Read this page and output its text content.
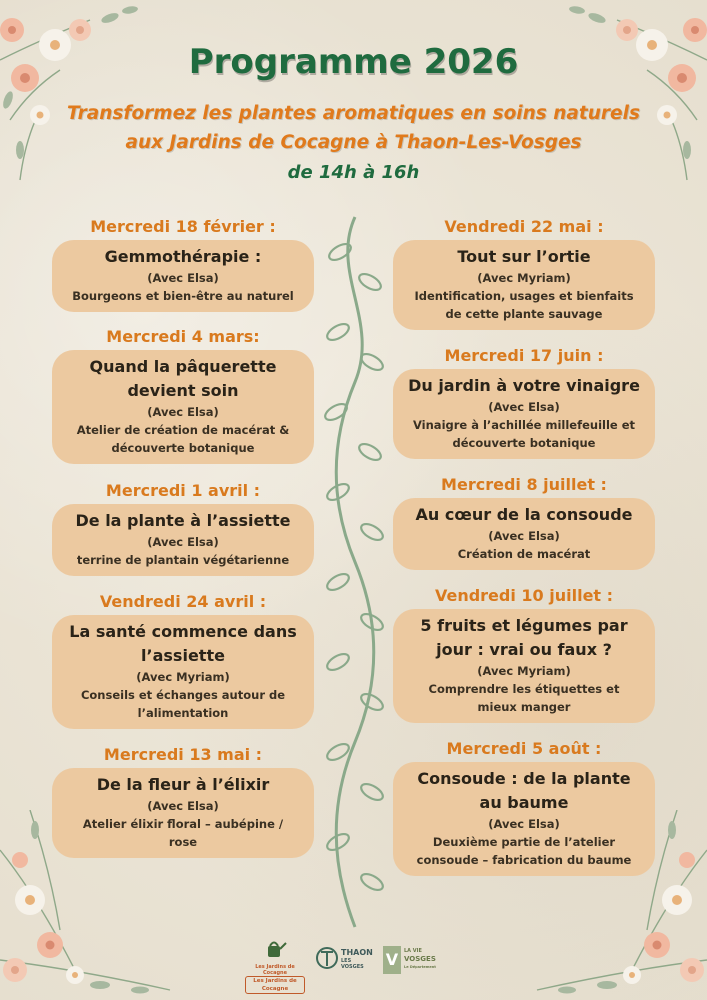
Programme 2026
Transformez les plantes aromatiques en soins naturels
aux Jardins de Cocagne à Thaon-Les-Vosges
de 14h à 16h
Mercredi 18 février :
Gemmothérapie :
(Avec Elsa)
Bourgeons et bien-être au naturel
Mercredi 4 mars:
Quand la pâquerette
devient soin
(Avec Elsa)
Atelier de création de macérat &
découverte botanique
Mercredi 1 avril :
De la plante à l’assiette
(Avec Elsa)
terrine de plantain végétarienne
Vendredi 24 avril :
La santé commence dans
l’assiette
(Avec Myriam)
Conseils et échanges autour de
l’alimentation
Mercredi 13 mai :
De la fleur à l’élixir
(Avec Elsa)
Atelier élixir floral – aubépine /
rose
Vendredi 22 mai :
Tout sur l’ortie
(Avec Myriam)
Identification, usages et bienfaits
de cette plante sauvage
Mercredi 17 juin :
Du jardin à votre vinaigre
(Avec Elsa)
Vinaigre à l’achillée millefeuille et
découverte botanique
Mercredi 8 juillet :
Au cœur de la consoude
(Avec Elsa)
Création de macérat
Vendredi 10 juillet :
5 fruits et légumes par
jour : vrai ou faux ?
(Avec Myriam)
Comprendre les étiquettes et
mieux manger
Mercredi 5 août :
Consoude : de la plante
au baume
(Avec Elsa)
Deuxième partie de l’atelier
consoude – fabrication du baume
Les Jardins de Cocagne
Les Jardins de Cocagne
THAON
LES VOSGES	V	LA VIE
VOSGES
Le Département
